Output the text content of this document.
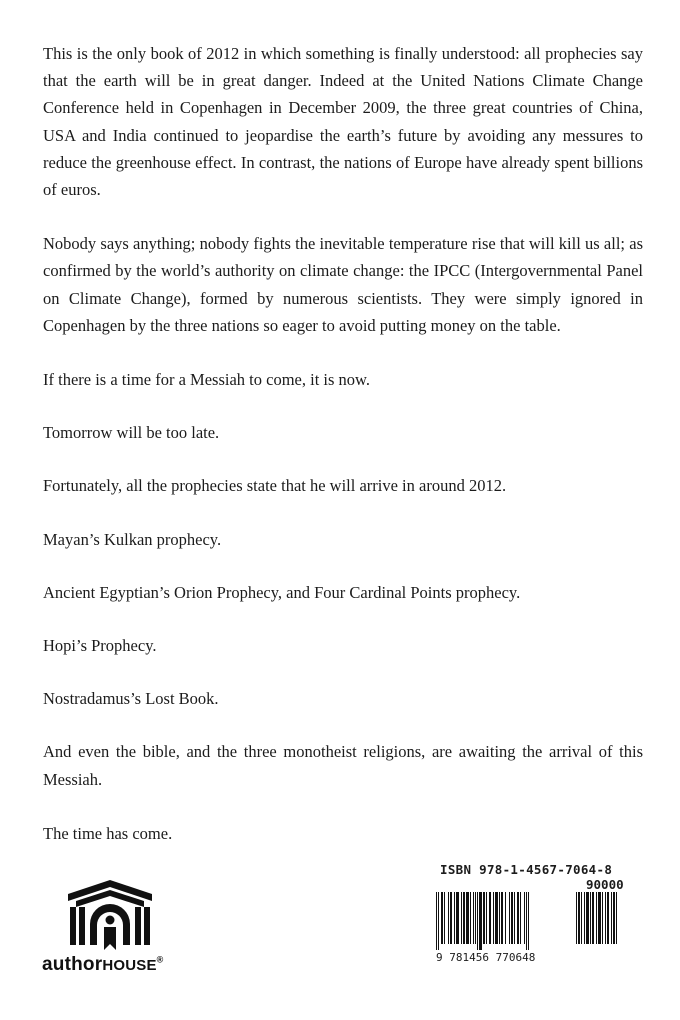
This is the only book of 2012 in which something is finally understood: all prophecies say that the earth will be in great danger. Indeed at the United Nations Climate Change Conference held in Copenhagen in December 2009, the three great countries of China, USA and India continued to jeopardise the earth’s future by avoiding any messures to reduce the greenhouse effect. In contrast, the nations of Europe have already spent billions of euros.

Nobody says anything; nobody fights the inevitable temperature rise that will kill us all; as confirmed by the world’s authority on climate change: the IPCC (Intergovernmental Panel on Climate Change), formed by numerous scientists. They were simply ignored in Copenhagen by the three nations so eager to avoid putting money on the table.

If there is a time for a Messiah to come, it is now.

Tomorrow will be too late.

Fortunately, all the prophecies state that he will arrive in around 2012.

Mayan’s Kulkan prophecy.

Ancient Egyptian’s Orion Prophecy, and Four Cardinal Points prophecy.

Hopi’s Prophecy.

Nostradamus’s Lost Book.

And even the bible, and the three monotheist religions, are awaiting the arrival of this Messiah.

The time has come.

authorHOUSE®
ISBN 978-1-4567-7064-8
90000
9 781456 770648
